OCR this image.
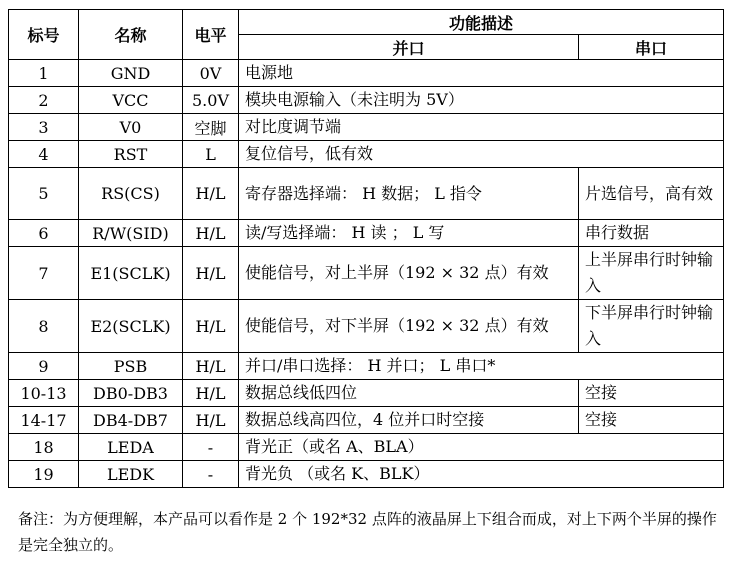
标号	名称	电平	功能描述	
			并口	串口
1	GND	0V	电源地	
2	VCC	5.0V	模块电源输入（未注明为 5V）	
3	V0	空脚	对比度调节端	
4	RST	L	复位信号，低有效	
5	RS(CS)	H/L	寄存器选择端： H 数据； L 指令	片选信号，高有效
6	R/W(SID)	H/L	读/写选择端： H 读 ； L 写	串行数据
7	E1(SCLK)	H/L	使能信号，对上半屏（192 × 32 点）有效	上半屏串行时钟输入
8	E2(SCLK)	H/L	使能信号，对下半屏（192 × 32 点）有效	下半屏串行时钟输入
9	PSB	H/L	并口/串口选择： H 并口； L 串口*	
10-13	DB0-DB3	H/L	数据总线低四位	空接
14-17	DB4-DB7	H/L	数据总线高四位，4 位并口时空接	空接
18	LEDA	-	背光正（或名 A、BLA）	
19	LEDK	-	背光负 （或名 K、BLK）	
备注：为方便理解，本产品可以看作是 2 个 192*32 点阵的液晶屏上下组合而成，对上下两个半屏的操作是完全独立的。
